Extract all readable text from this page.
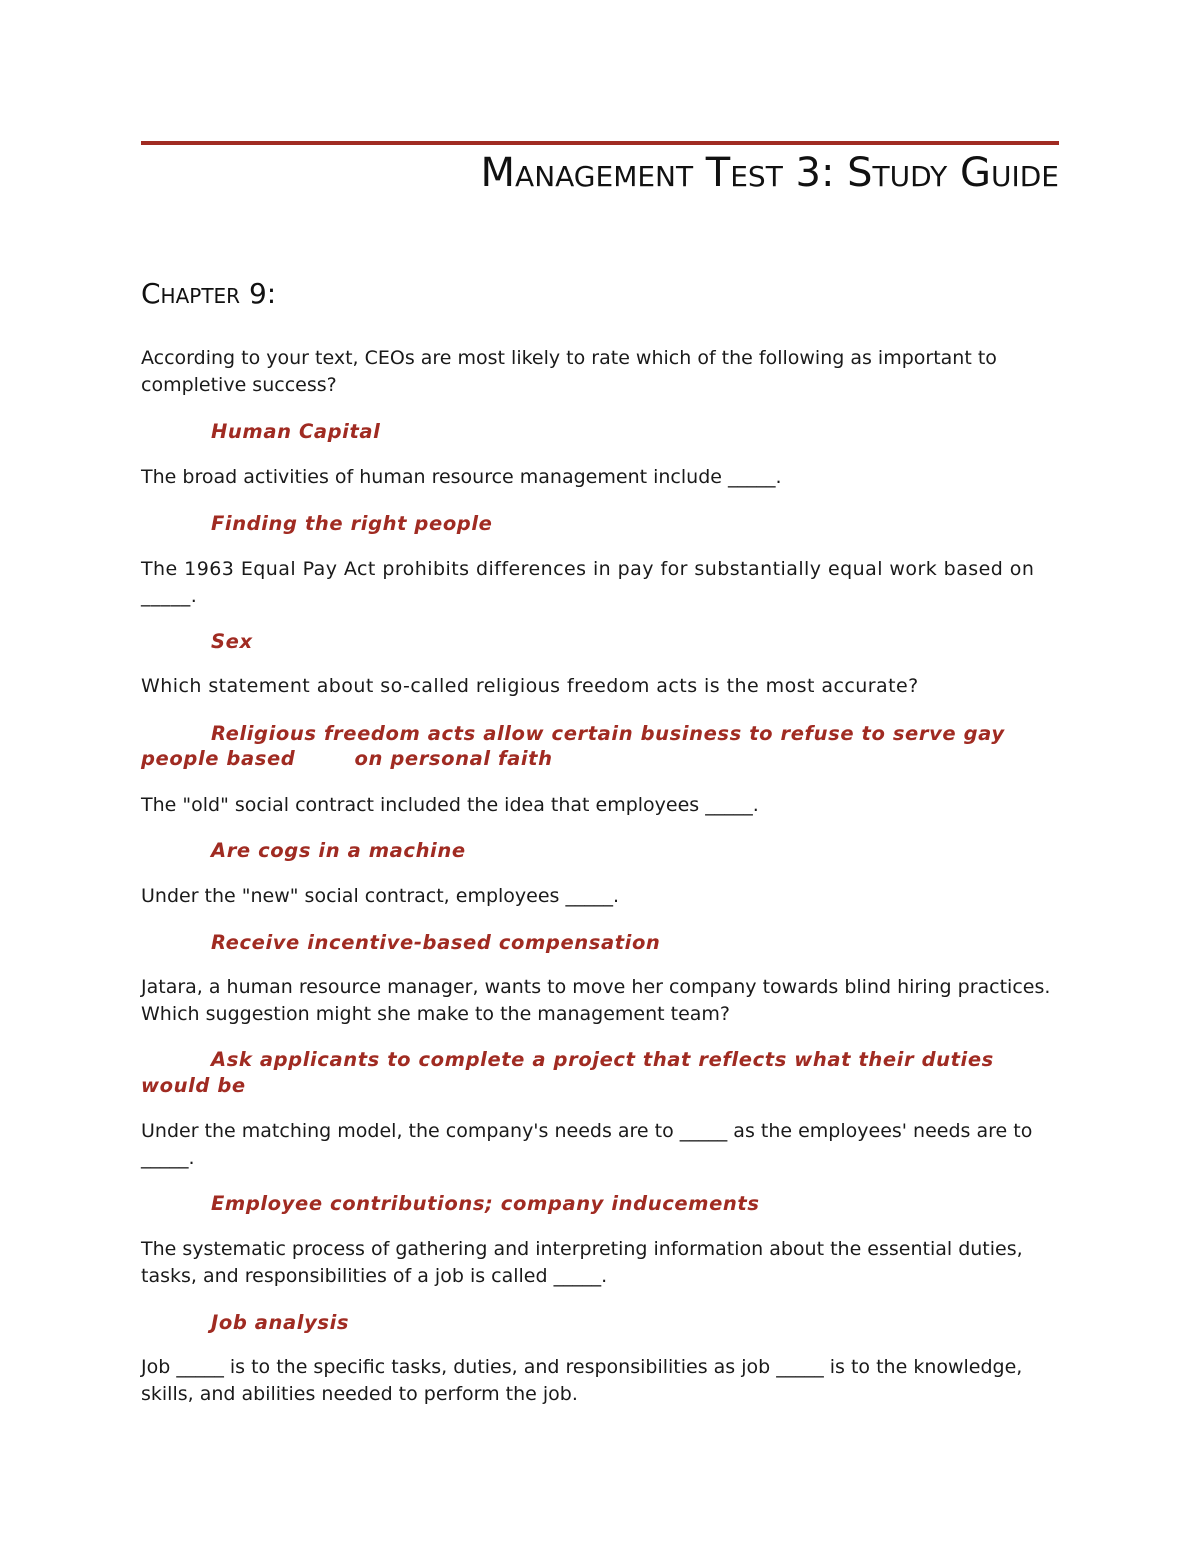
Management Test 3: Study Guide
Chapter 9:
According to your text, CEOs are most likely to rate which of the following as important to completive success?
Human Capital
The broad activities of human resource management include _____.
Finding the right people
The 1963 Equal Pay Act prohibits differences in pay for substantially equal work based on _____.
Sex
Which statement about so-called religious freedom acts is the most accurate?
Religious freedom acts allow certain business to refuse to serve gay
people based        on personal faith
The "old" social contract included the idea that employees _____.
Are cogs in a machine
Under the "new" social contract, employees _____.
Receive incentive-based compensation
Jatara, a human resource manager, wants to move her company towards blind hiring practices. Which suggestion might she make to the management team?
Ask applicants to complete a project that reflects what their duties
would be
Under the matching model, the company's needs are to _____ as the employees' needs are to _____.
Employee contributions; company inducements
The systematic process of gathering and interpreting information about the essential duties, tasks, and responsibilities of a job is called _____.
Job analysis
Job _____ is to the specific tasks, duties, and responsibilities as job _____ is to the knowledge, skills, and abilities needed to perform the job.
